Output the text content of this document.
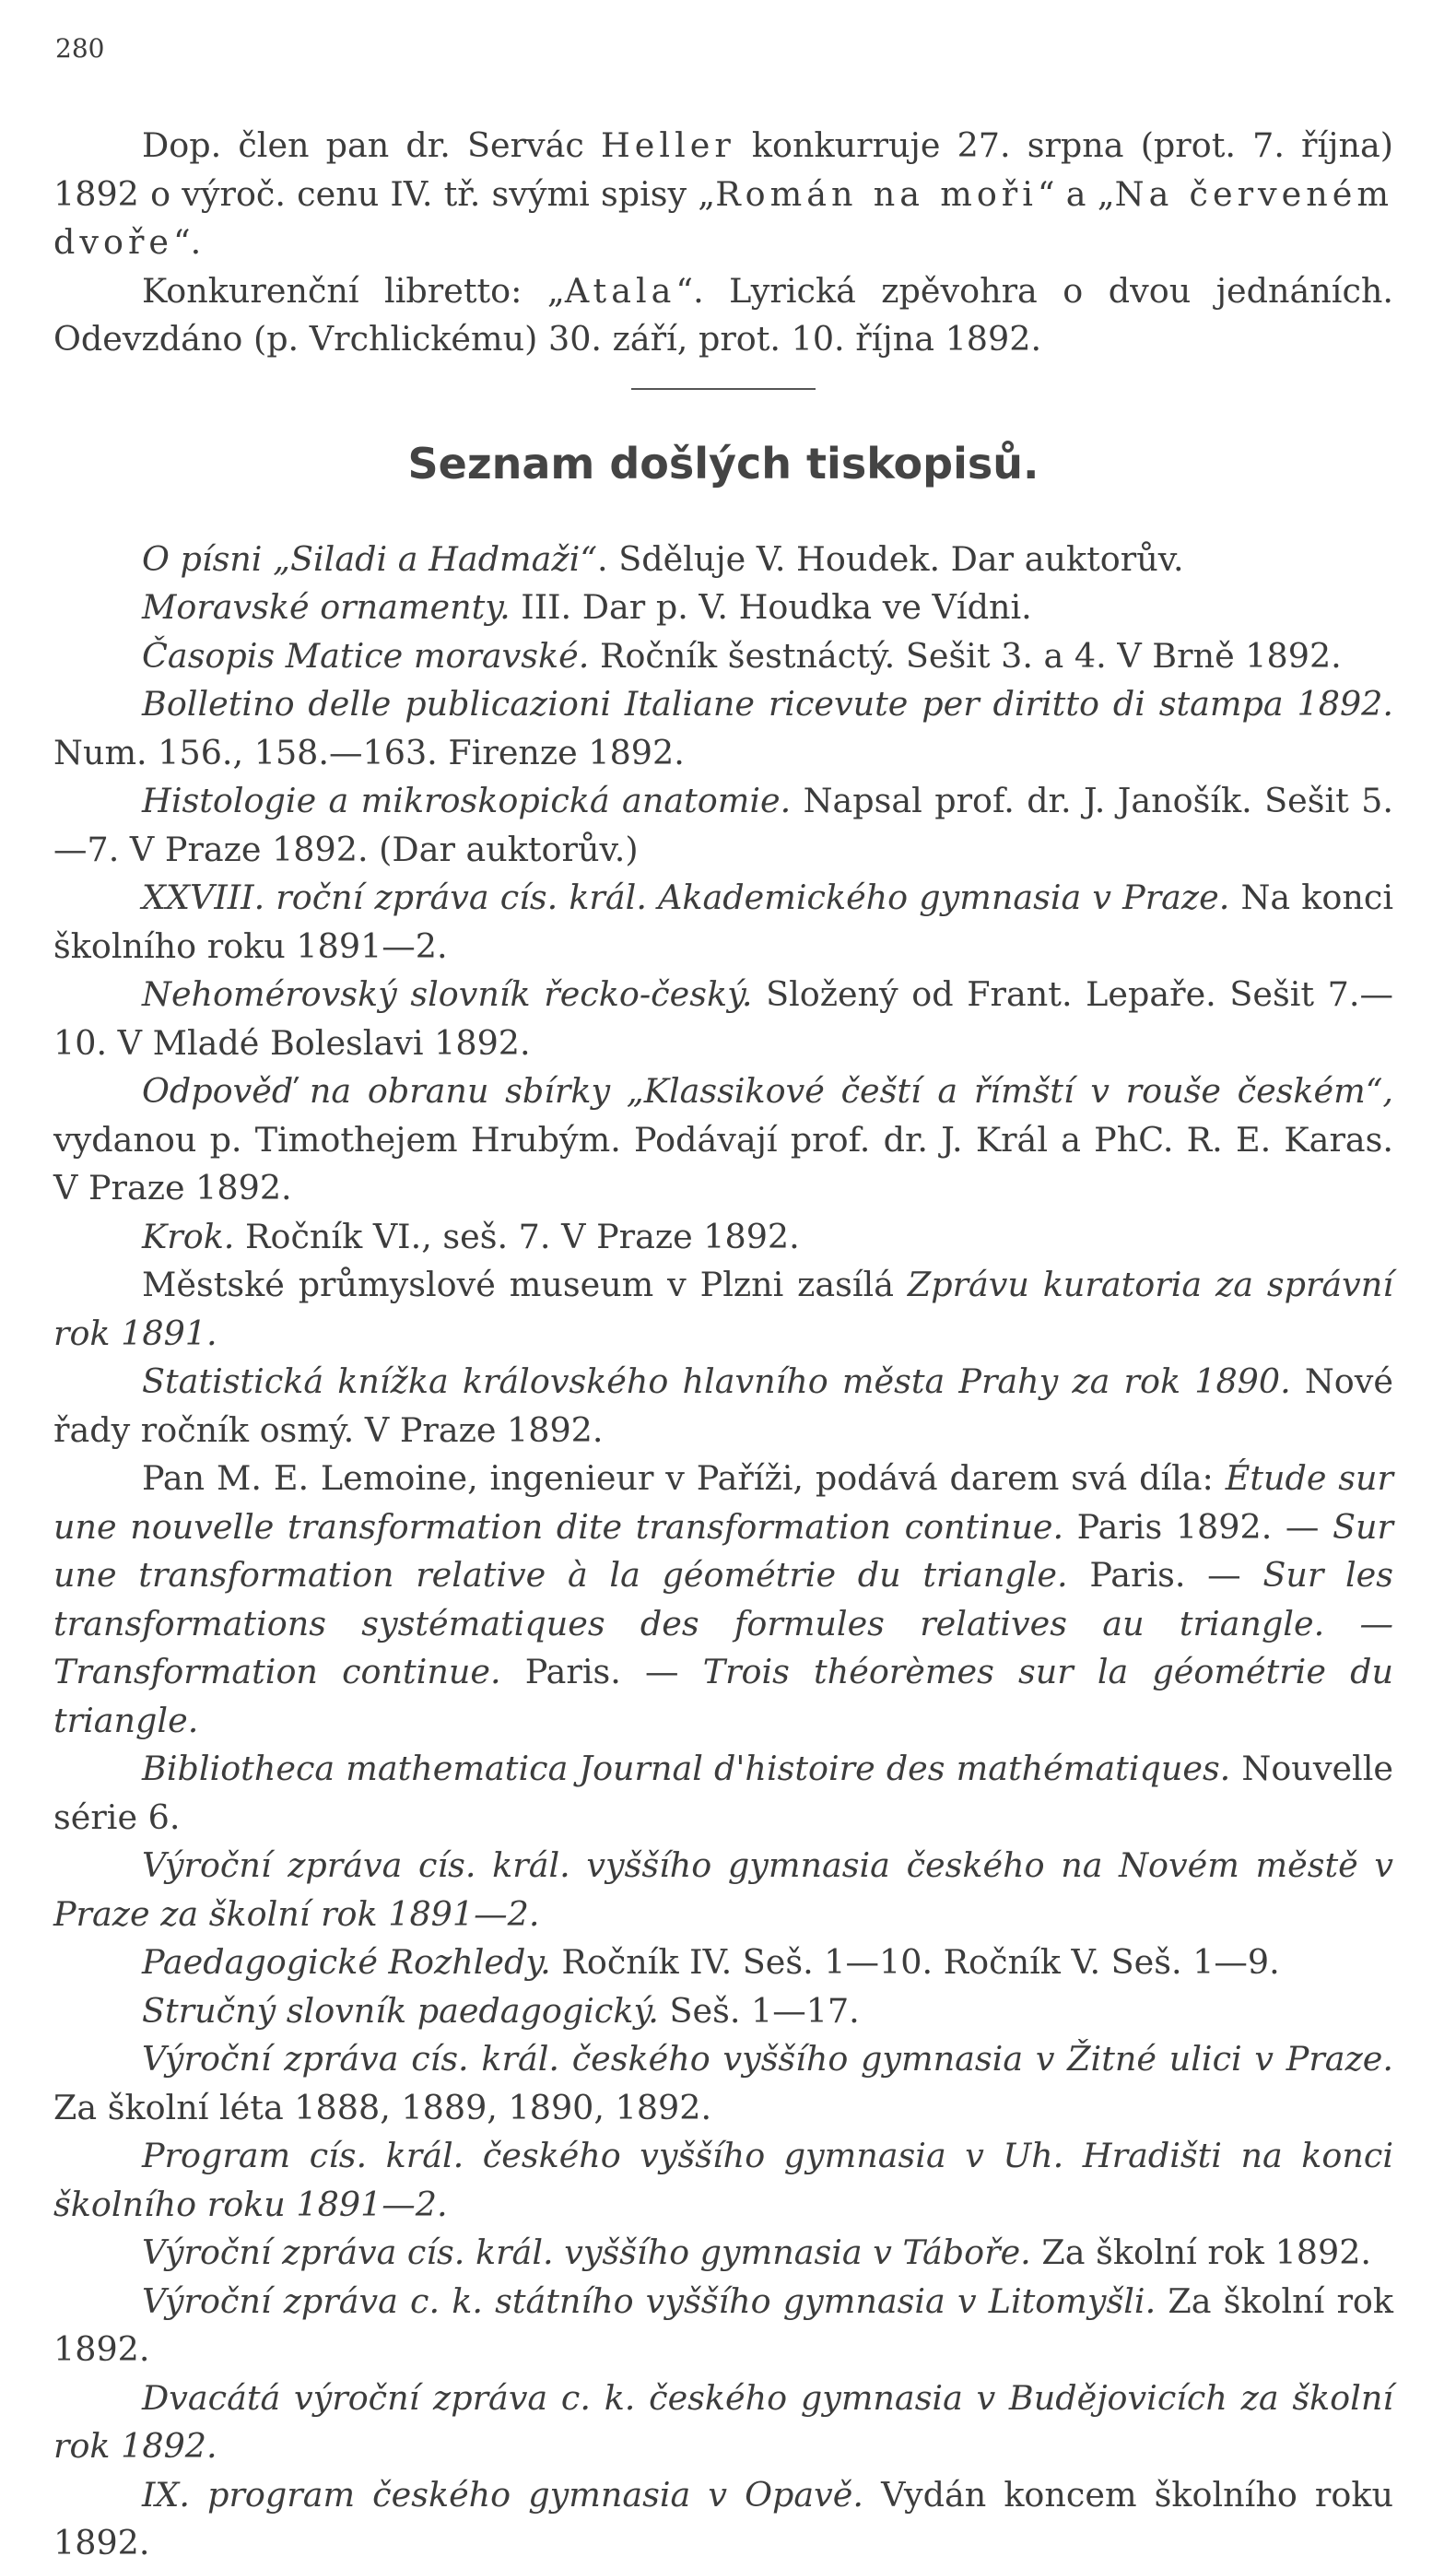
280

Dop. člen pan dr. Servác Heller konkurruje 27. srpna (prot. 7. října) 1892 o výroč. cenu IV. tř. svými spisy „Román na moři“ a „Na červeném dvoře“.

Konkurenční libretto: „Atala“. Lyrická zpěvohra o dvou jednáních. Odevzdáno (p. Vrchlickému) 30. září, prot. 10. října 1892.

Seznam došlých tiskopisů.

O písni „Siladi a Hadmaži“. Sdělujе V. Houdek. Dar auktorův.

Moravské ornamenty. III. Dar p. V. Houdka ve Vídni.

Časopis Matice moravské. Ročník šestnáctý. Sešit 3. a 4. V Brně 1892.

Bolletino delle publicazioni Italiane ricevute per diritto di stampa 1892. Num. 156., 158.—163. Firenze 1892.

Histologie a mikroskopická anatomie. Napsal prof. dr. J. Janošík. Sešit 5.—7. V Praze 1892. (Dar auktorův.)

XXVIII. roční zpráva cís. král. Akademického gymnasia v Praze. Na konci školního roku 1891—2.

Nehomérovský slovník řecko-český. Složený od Frant. Lepaře. Sešit 7.—10. V Mladé Boleslavi 1892.

Odpověď na obranu sbírky „Klassikové čeští a římští v rouše českém“, vydanou p. Timothejem Hrubým. Podávají prof. dr. J. Král a PhC. R. E. Karas. V Praze 1892.

Krok. Ročník VI., seš. 7. V Praze 1892.

Městské průmyslové museum v Plzni zasílá Zprávu kuratoria za správní rok 1891.

Statistická knížka královského hlavního města Prahy za rok 1890. Nové řady ročník osmý. V Praze 1892.

Pan M. E. Lemoine, ingenieur v Paříži, podává darem svá díla: Étude sur une nouvelle transformation dite transformation continue. Paris 1892. — Sur une transformation relative à la géométrie du triangle. Paris. — Sur les transformations systématiques des formules relatives au triangle. — Transformation continue. Paris. — Trois théorèmes sur la géométrie du triangle.

Bibliotheca mathematica Journal d'histoire des mathématiques. Nouvelle série 6.

Výroční zpráva cís. král. vyššího gymnasia českého na Novém městě v Praze za školní rok 1891—2.

Paedagogické Rozhledy. Ročník IV. Seš. 1—10. Ročník V. Seš. 1—9.

Stručný slovník paedagogický. Seš. 1—17.

Výroční zpráva cís. král. českého vyššího gymnasia v Žitné ulici v Praze. Za školní léta 1888, 1889, 1890, 1892.

Program cís. král. českého vyššího gymnasia v Uh. Hradišti na konci školního roku 1891—2.

Výroční zpráva cís. král. vyššího gymnasia v Táboře. Za školní rok 1892.

Výroční zpráva c. k. státního vyššího gymnasia v Litomyšli. Za školní rok 1892.

Dvacátá výroční zpráva c. k. českého gymnasia v Budějovicích za školní rok 1892.

IX. program českého gymnasia v Opavě. Vydán koncem školního roku 1892.
